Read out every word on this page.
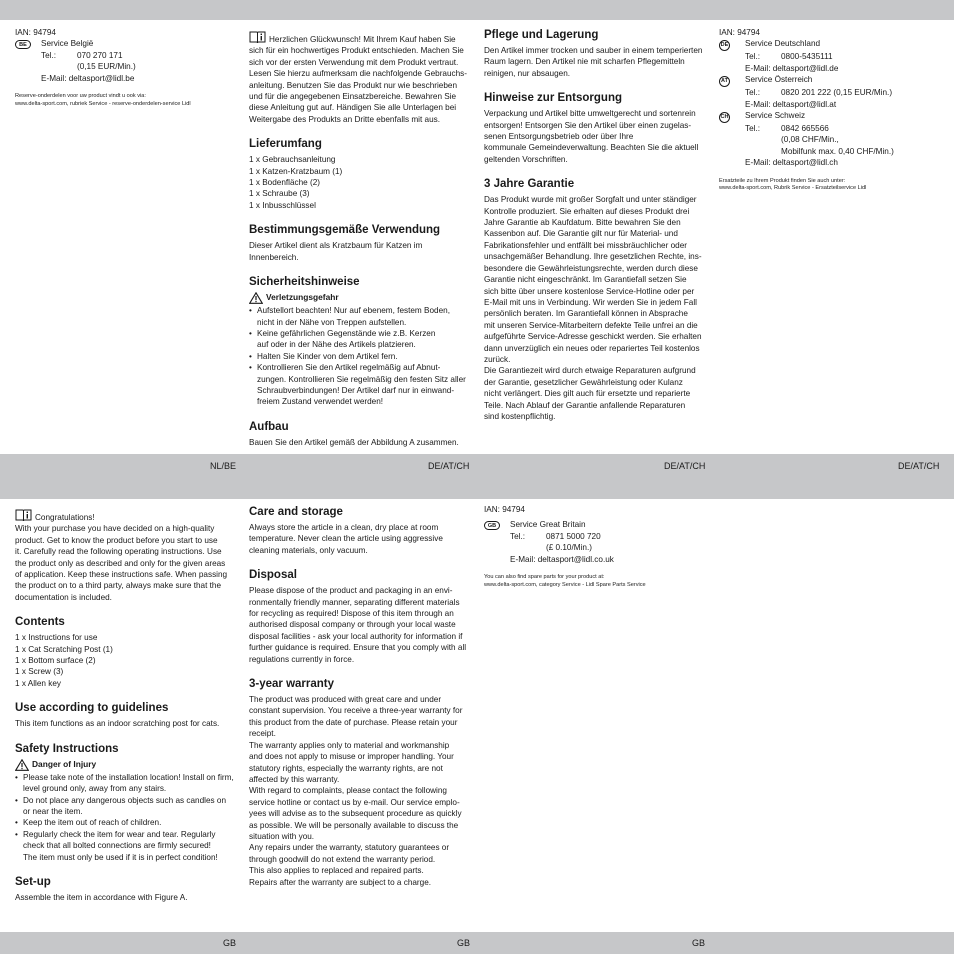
NL/BE	DE/AT/CH	DE/AT/CH	DE/AT/CH
GB	GB	GB

IAN: 94794

BE	Service België
Tel.:	070 270 171
(0,15 EUR/Min.)
E-Mail: deltasport@lidl.be

Reserve-onderdelen voor uw product vindt u ook via:
www.delta-sport.com, rubriek Service - reserve-onderdelen-service Lidl

Herzlichen Glückwunsch! Mit Ihrem Kauf haben Sie
sich für ein hochwertiges Produkt entschieden. Machen Sie
sich vor der ersten Verwendung mit dem Produkt vertraut.
Lesen Sie hierzu aufmerksam die nachfolgende Gebrauchs-
anleitung. Benutzen Sie das Produkt nur wie beschrieben
und für die angegebenen Einsatzbereiche. Bewahren Sie
diese Anleitung gut auf. Händigen Sie alle Unterlagen bei
Weitergabe des Produkts an Dritte ebenfalls mit aus.

Lieferumfang

1 x Gebrauchsanleitung

1 x Katzen-Kratzbaum (1)

1 x Bodenfläche (2)

1 x Schraube (3)

1 x Inbusschlüssel

Bestimmungsgemäße Verwendung

Dieser Artikel dient als Kratzbaum für Katzen im
Innenbereich.

Sicherheitshinweise
Verletzungsgefahr
• Aufstellort beachten! Nur auf ebenem, festem Boden,
nicht in der Nähe von Treppen aufstellen.
• Keine gefährlichen Gegenstände wie z.B. Kerzen
auf oder in der Nähe des Artikels platzieren.
• Halten Sie Kinder von dem Artikel fern.
• Kontrollieren Sie den Artikel regelmäßig auf Abnut-
zungen. Kontrollieren Sie regelmäßig den festen Sitz aller
Schraubverbindungen! Der Artikel darf nur in einwand-
freiem Zustand verwendet werden!
Aufbau

Bauen Sie den Artikel gemäß der Abbildung A zusammen.

Pflege und Lagerung

Den Artikel immer trocken und sauber in einem temperierten
Raum lagern. Den Artikel nie mit scharfen Pflegemitteln
reinigen, nur absaugen.

Hinweise zur Entsorgung

Verpackung und Artikel bitte umweltgerecht und sortenrein
entsorgen! Entsorgen Sie den Artikel über einen zugelas-
senen Entsorgungsbetrieb oder über Ihre
kommunale Gemeindeverwaltung. Beachten Sie die aktuell
geltenden Vorschriften.

3 Jahre Garantie

Das Produkt wurde mit großer Sorgfalt und unter ständiger
Kontrolle produziert. Sie erhalten auf dieses Produkt drei
Jahre Garantie ab Kaufdatum. Bitte bewahren Sie den
Kassenbon auf. Die Garantie gilt nur für Material- und
Fabrikationsfehler und entfällt bei missbräuchlicher oder
unsachgemäßer Behandlung. Ihre gesetzlichen Rechte, ins-
besondere die Gewährleistungsrechte, werden durch diese
Garantie nicht eingeschränkt. Im Garantiefall setzen Sie
sich bitte über unsere kostenlose Service-Hotline oder per
E-Mail mit uns in Verbindung. Wir werden Sie in jedem Fall
persönlich beraten. Im Garantiefall können in Absprache
mit unseren Service-Mitarbeitern defekte Teile unfrei an die
aufgeführte Service-Adresse geschickt werden. Sie erhalten
dann unverzüglich ein neues oder repariertes Teil kostenlos
zurück.
Die Garantiezeit wird durch etwaige Reparaturen aufgrund
der Garantie, gesetzlicher Gewährleistung oder Kulanz
nicht verlängert. Dies gilt auch für ersetzte und reparierte
Teile. Nach Ablauf der Garantie anfallende Reparaturen
sind kostenpflichtig.

IAN: 94794

DE	Service Deutschland
Tel.:	0800-5435111
E-Mail: deltasport@lidl.de
AT	Service Österreich
Tel.:	0820 201 222 (0,15 EUR/Min.)
E-Mail: deltasport@lidl.at
CH	Service Schweiz
Tel.:	0842 665566
(0,08 CHF/Min.,
Mobilfunk max. 0,40 CHF/Min.)
E-Mail: deltasport@lidl.ch

Ersatzteile zu Ihrem Produkt finden Sie auch unter:
www.delta-sport.com, Rubrik Service - Ersatzteilservice Lidl

Congratulations!

With your purchase you have decided on a high-quality
product. Get to know the product before you start to use
it. Carefully read the following operating instructions. Use
the product only as described and only for the given areas
of application. Keep these instructions safe. When passing
the product on to a third party, always make sure that the
documentation is included.

Contents

1 x Instructions for use

1 x Cat Scratching Post (1)

1 x Bottom surface (2)

1 x Screw (3)

1 x Allen key

Use according to guidelines

This item functions as an indoor scratching post for cats.

Safety Instructions
Danger of Injury
• Please take note of the installation location! Install on firm,
level ground only, away from any stairs.
• Do not place any dangerous objects such as candles on
or near the item.
• Keep the item out of reach of children.
• Regularly check the item for wear and tear. Regularly
check that all bolted connections are firmly secured!
The item must only be used if it is in perfect condition!
Set-up

Assemble the item in accordance with Figure A.

Care and storage

Always store the article in a clean, dry place at room
temperature. Never clean the article using aggressive
cleaning materials, only vacuum.

Disposal

Please dispose of the product and packaging in an envi-
ronmentally friendly manner, separating different materials
for recycling as required! Dispose of this item through an
authorised disposal company or through your local waste
disposal facilities - ask your local authority for information if
further guidance is required. Ensure that you comply with all
regulations currently in force.

3-year warranty

The product was produced with great care and under
constant supervision. You receive a three-year warranty for
this product from the date of purchase. Please retain your
receipt.
The warranty applies only to material and workmanship
and does not apply to misuse or improper handling. Your
statutory rights, especially the warranty rights, are not
affected by this warranty.
With regard to complaints, please contact the following
service hotline or contact us by e-mail. Our service emplo-
yees will advise as to the subsequent procedure as quickly
as possible. We will be personally available to discuss the
situation with you.
Any repairs under the warranty, statutory guarantees or
through goodwill do not extend the warranty period.
This also applies to replaced and repaired parts.
Repairs after the warranty are subject to a charge.

IAN: 94794

GB	Service Great Britain
Tel.:	0871 5000 720
(£ 0.10/Min.)
E-Mail: deltasport@lidl.co.uk

You can also find spare parts for your product at:
www.delta-sport.com, category Service - Lidl Spare Parts Service
